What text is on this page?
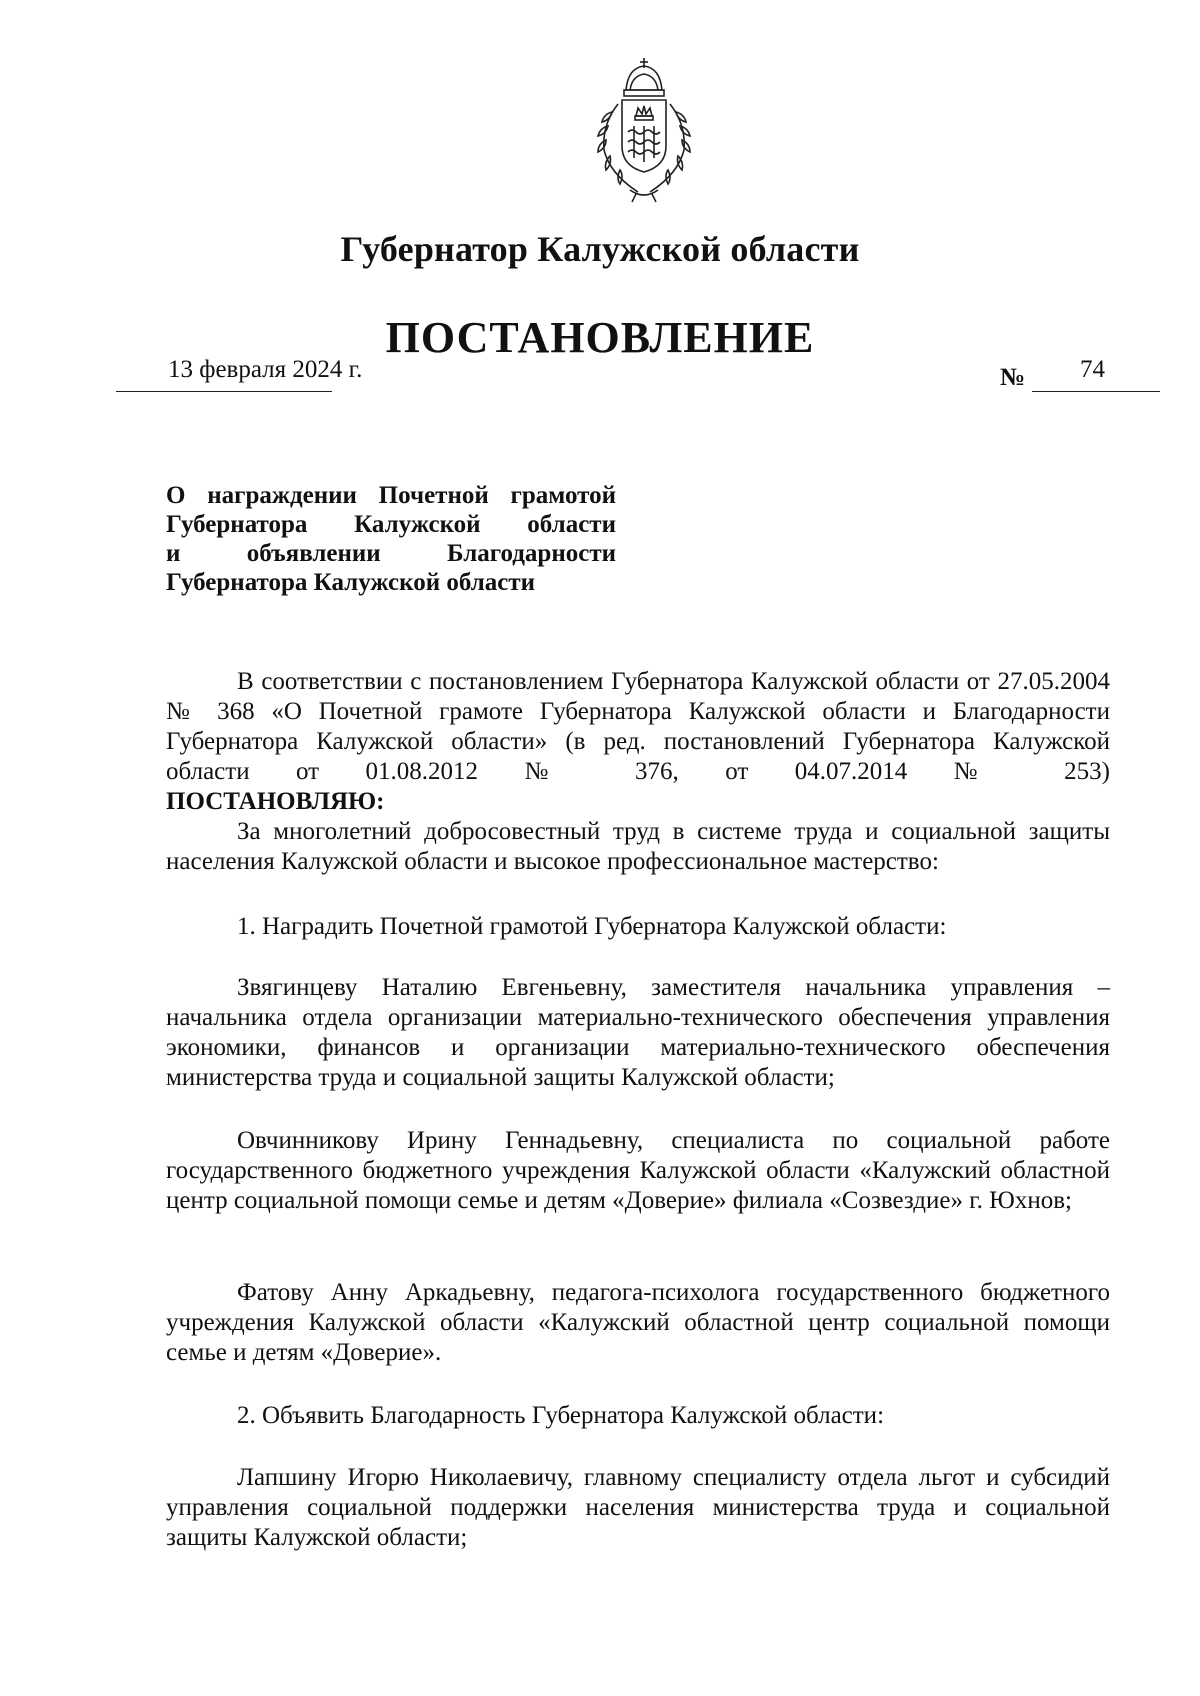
Губернатор Калужской области
ПОСТАНОВЛЕНИЕ
13 февраля 2024 г.	№ 74
О награждении Почетной грамотой
Губернатора Калужской области
и объявлении Благодарности
Губернатора Калужской области

В соответствии с постановлением Губернатора Калужской области от 27.05.2004 № 368 «О Почетной грамоте Губернатора Калужской области и Благодарности Губернатора Калужской области» (в ред. постановлений Губернатора Калужской области от 01.08.2012 № 376, от 04.07.2014 № 253)

ПОСТАНОВЛЯЮ:

За многолетний добросовестный труд в системе труда и социальной защиты населения Калужской области и высокое профессиональное мастерство:

1. Наградить Почетной грамотой Губернатора Калужской области:

Звягинцеву Наталию Евгеньевну, заместителя начальника управления – начальника отдела организации материально-технического обеспечения управления экономики, финансов и организации материально-технического обеспечения министерства труда и социальной защиты Калужской области;

Овчинникову Ирину Геннадьевну, специалиста по социальной работе государственного бюджетного учреждения Калужской области «Калужский областной центр социальной помощи семье и детям «Доверие» филиала «Созвездие» г. Юхнов;

Фатову Анну Аркадьевну, педагога-психолога государственного бюджетного учреждения Калужской области «Калужский областной центр социальной помощи семье и детям «Доверие».

2. Объявить Благодарность Губернатора Калужской области:

Лапшину Игорю Николаевичу, главному специалисту отдела льгот и субсидий управления социальной поддержки населения министерства труда и социальной защиты Калужской области;
